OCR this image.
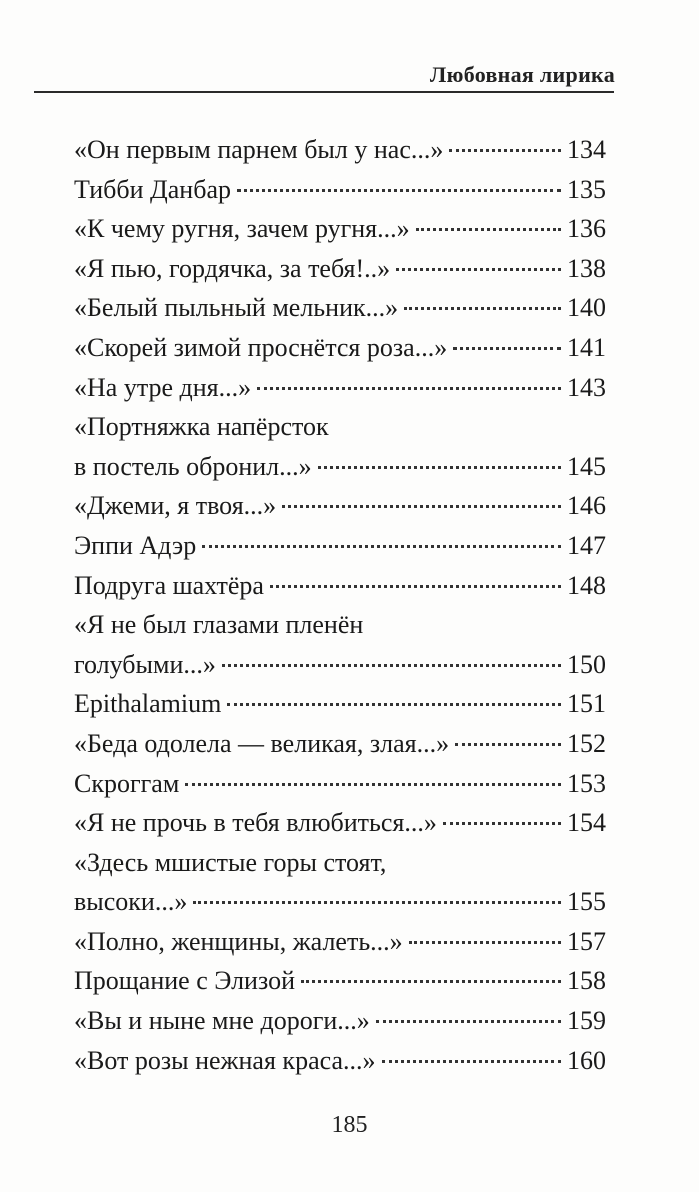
Любовная лирика
«Он первым парнем был у нас...»	134
Тибби Данбар	135
«К чему ругня, зачем ругня...»	136
«Я пью, гордячка, за тебя!..»	138
«Белый пыльный мельник...»	140
«Скорей зимой проснётся роза...»	141
«На утре дня...»	143
«Портняжка напёрсток
в постель обронил...»	145
«Джеми, я твоя...»	146
Эппи Адэр	147
Подруга шахтёра	148
«Я не был глазами пленён
голубыми...»	150
Epithalamium	151
«Беда одолела — великая, злая...»	152
Скроггам	153
«Я не прочь в тебя влюбиться...»	154
«Здесь мшистые горы стоят,
высоки...»	155
«Полно, женщины, жалеть...»	157
Прощание с Элизой	158
«Вы и ныне мне дороги...»	159
«Вот розы нежная краса...»	160
185
